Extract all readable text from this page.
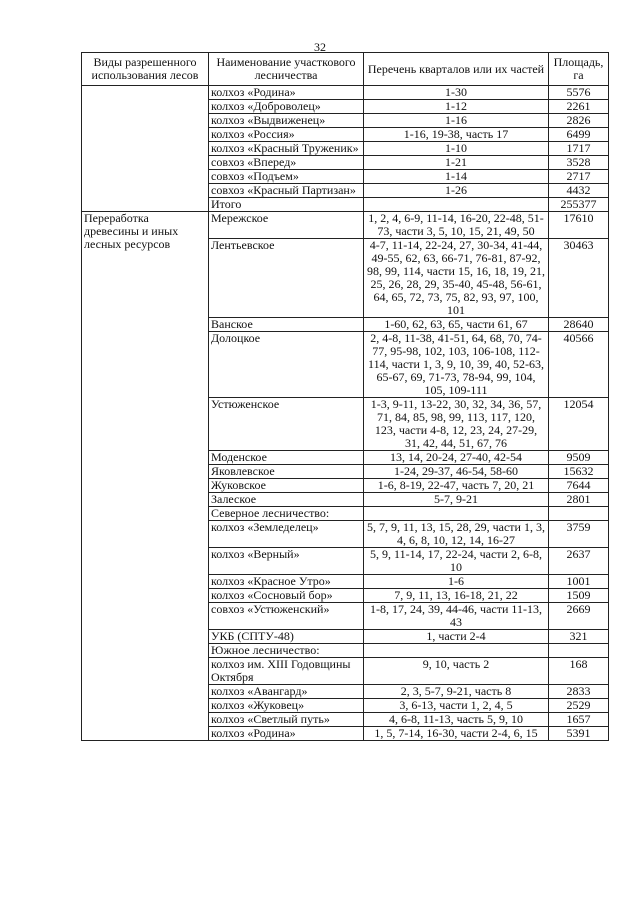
32
Виды разрешенного использования лесов	Наименование участкового лесничества	Перечень кварталов или их частей	Площадь, га
	колхоз «Родина»	1-30	5576
	колхоз «Доброволец»	1-12	2261
	колхоз «Выдвиженец»	1-16	2826
	колхоз «Россия»	1-16, 19-38, часть 17	6499
	колхоз «Красный Труженик»	1-10	1717
	совхоз «Вперед»	1-21	3528
	совхоз «Подъем»	1-14	2717
	совхоз «Красный Партизан»	1-26	4432
	Итого		255377
Переработка древесины и иных лесных ресурсов	Мережское	1, 2, 4, 6-9, 11-14, 16-20, 22-48, 51-73, части 3, 5, 10, 15, 21, 49, 50	17610
	Лентьевское	4-7, 11-14, 22-24, 27, 30-34, 41-44, 49-55, 62, 63, 66-71, 76-81, 87-92, 98, 99, 114, части 15, 16, 18, 19, 21, 25, 26, 28, 29, 35-40, 45-48, 56-61, 64, 65, 72, 73, 75, 82, 93, 97, 100, 101	30463
	Ванское	1-60, 62, 63, 65, части 61, 67	28640
	Долоцкое	2, 4-8, 11-38, 41-51, 64, 68, 70, 74-77, 95-98, 102, 103, 106-108, 112-114, части 1, 3, 9, 10, 39, 40, 52-63, 65-67, 69, 71-73, 78-94, 99, 104, 105, 109-111	40566
	Устюженское	1-3, 9-11, 13-22, 30, 32, 34, 36, 57, 71, 84, 85, 98, 99, 113, 117, 120, 123, части 4-8, 12, 23, 24, 27-29, 31, 42, 44, 51, 67, 76	12054
	Моденское	13, 14, 20-24, 27-40, 42-54	9509
	Яковлевское	1-24, 29-37, 46-54, 58-60	15632
	Жуковское	1-6, 8-19, 22-47, часть 7, 20, 21	7644
	Залеское	5-7, 9-21	2801
	Северное лесничество:		
	колхоз «Земледелец»	5, 7, 9, 11, 13, 15, 28, 29, части 1, 3, 4, 6, 8, 10, 12, 14, 16-27	3759
	колхоз «Верный»	5, 9, 11-14, 17, 22-24, части 2, 6-8, 10	2637
	колхоз «Красное Утро»	1-6	1001
	колхоз «Сосновый бор»	7, 9, 11, 13, 16-18, 21, 22	1509
	совхоз «Устюженский»	1-8, 17, 24, 39, 44-46, части 11-13, 43	2669
	УКБ (СПТУ-48)	1, части 2-4	321
	Южное лесничество:		
	колхоз им. XIII Годовщины Октября	9, 10, часть 2	168
	колхоз «Авангард»	2, 3, 5-7, 9-21, часть 8	2833
	колхоз «Жуковец»	3, 6-13, части 1, 2, 4, 5	2529
	колхоз «Светлый путь»	4, 6-8, 11-13, часть 5, 9, 10	1657
	колхоз «Родина»	1, 5, 7-14, 16-30, части 2-4, 6, 15	5391
